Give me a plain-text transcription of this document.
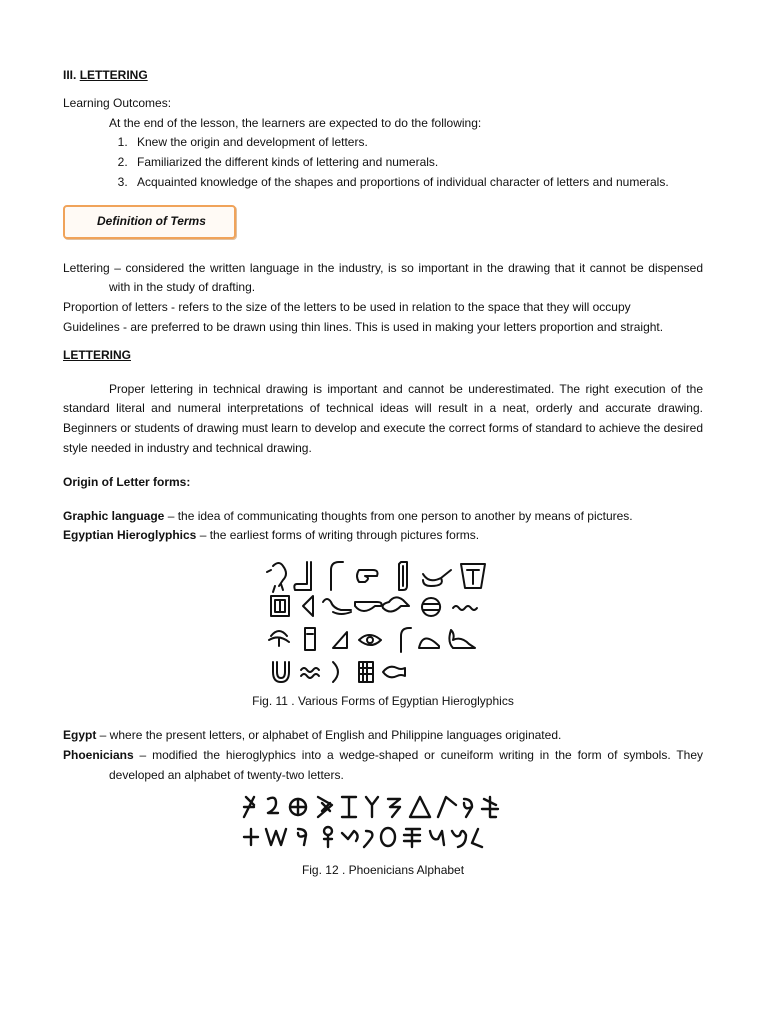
III. LETTERING

Learning Outcomes:

At the end of the lesson, the learners are expected to do the following:

1. Knew the origin and development of letters.
2. Familiarized the different kinds of lettering and numerals.
3. Acquainted knowledge of the shapes and proportions of individual character of letters and numerals.
Definition of Terms

Lettering – considered the written language in the industry, is so important in the drawing that it cannot be dispensed with in the study of drafting.

Proportion of letters - refers to the size of the letters to be used in relation to the space that they will occupy

Guidelines - are preferred to be drawn using thin lines. This is used in making your letters proportion and straight.

LETTERING

Proper lettering in technical drawing is important and cannot be underestimated. The right execution of the standard literal and numeral interpretations of technical ideas will result in a neat, orderly and accurate drawing. Beginners or students of drawing must learn to develop and execute the correct forms of standard to achieve the desired style needed in industry and technical drawing.

Origin of Letter forms:

Graphic language – the idea of communicating thoughts from one person to another by means of pictures.

Egyptian Hieroglyphics – the earliest forms of writing through pictures forms.

Fig. 11 . Various Forms of Egyptian Hieroglyphics

Egypt – where the present letters, or alphabet of English and Philippine languages originated.

Phoenicians – modified the hieroglyphics into a wedge-shaped or cuneiform writing in the form of symbols. They developed an alphabet of twenty-two letters.

Fig. 12 . Phoenicians Alphabet
